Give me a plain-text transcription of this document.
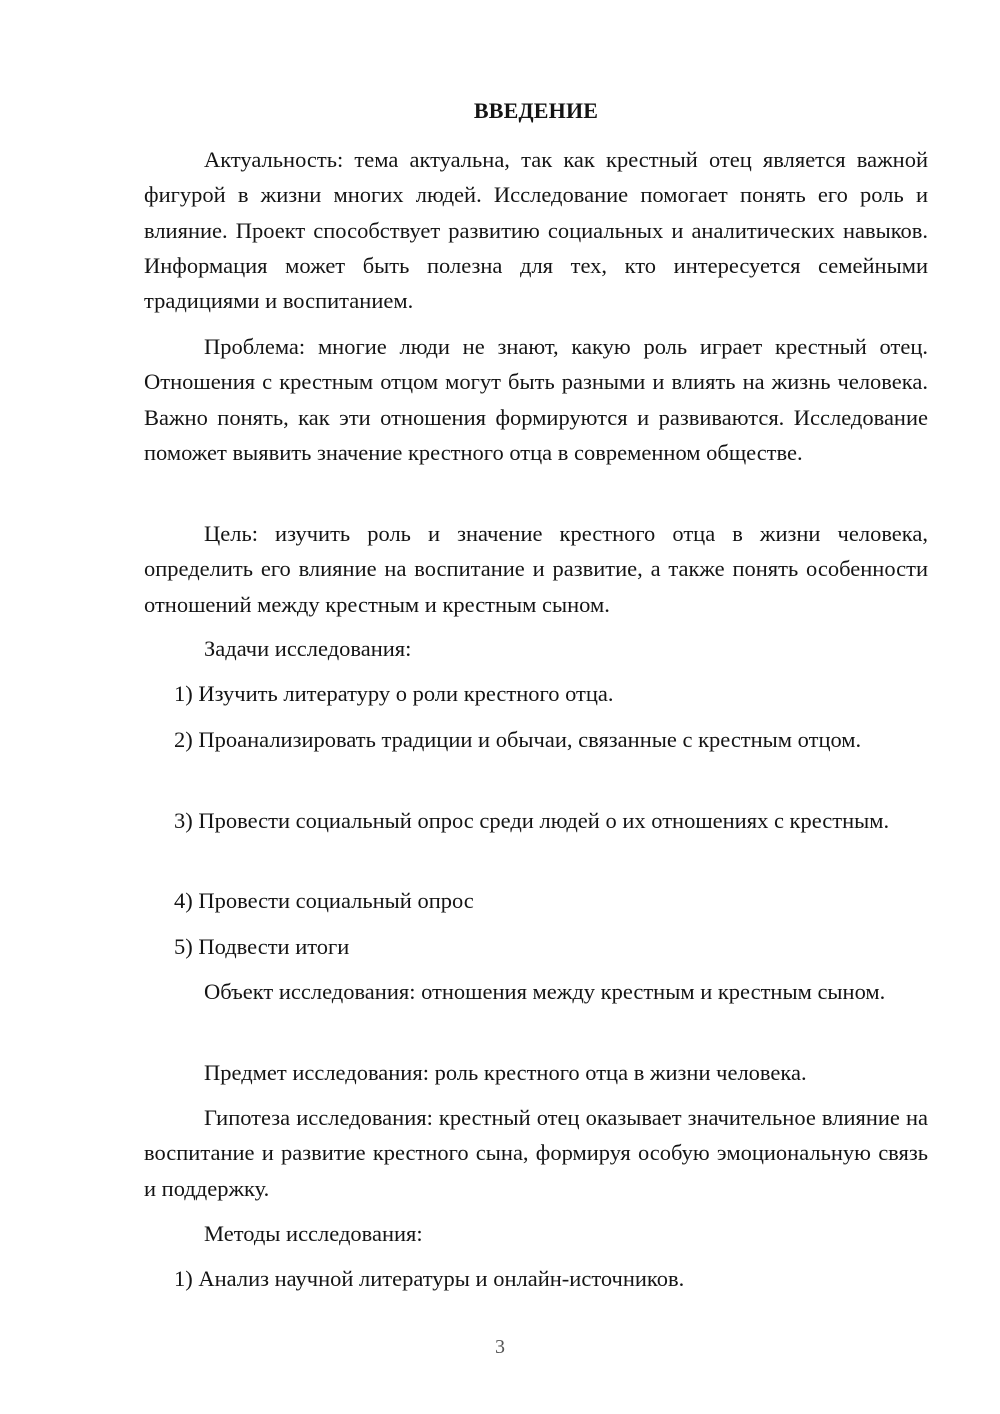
ВВЕДЕНИЕ

Актуальность: тема актуальна, так как крестный отец является важной фигурой в жизни многих людей. Исследование помогает понять его роль и влияние. Проект способствует развитию социальных и аналитических навыков. Информация может быть полезна для тех, кто интересуется семейными традициями и воспитанием.

Проблема: многие люди не знают, какую роль играет крестный отец. Отношения с крестным отцом могут быть разными и влиять на жизнь человека. Важно понять, как эти отношения формируются и развиваются. Исследование поможет выявить значение крестного отца в современном обществе.

Цель: изучить роль и значение крестного отца в жизни человека, определить его влияние на воспитание и развитие, а также понять особенности отношений между крестным и крестным сыном.

Задачи исследования:

1) Изучить литературу о роли крестного отца.

2) Проанализировать традиции и обычаи, связанные с крестным отцом.

3) Провести социальный опрос среди людей о их отношениях с крестным.

4) Провести социальный опрос

5) Подвести итоги

Объект исследования: отношения между крестным и крестным сыном.

Предмет исследования: роль крестного отца в жизни человека.

Гипотеза исследования: крестный отец оказывает значительное влияние на воспитание и развитие крестного сына, формируя особую эмоциональную связь и поддержку.

Методы исследования:

1) Анализ научной литературы и онлайн-источников.

3
